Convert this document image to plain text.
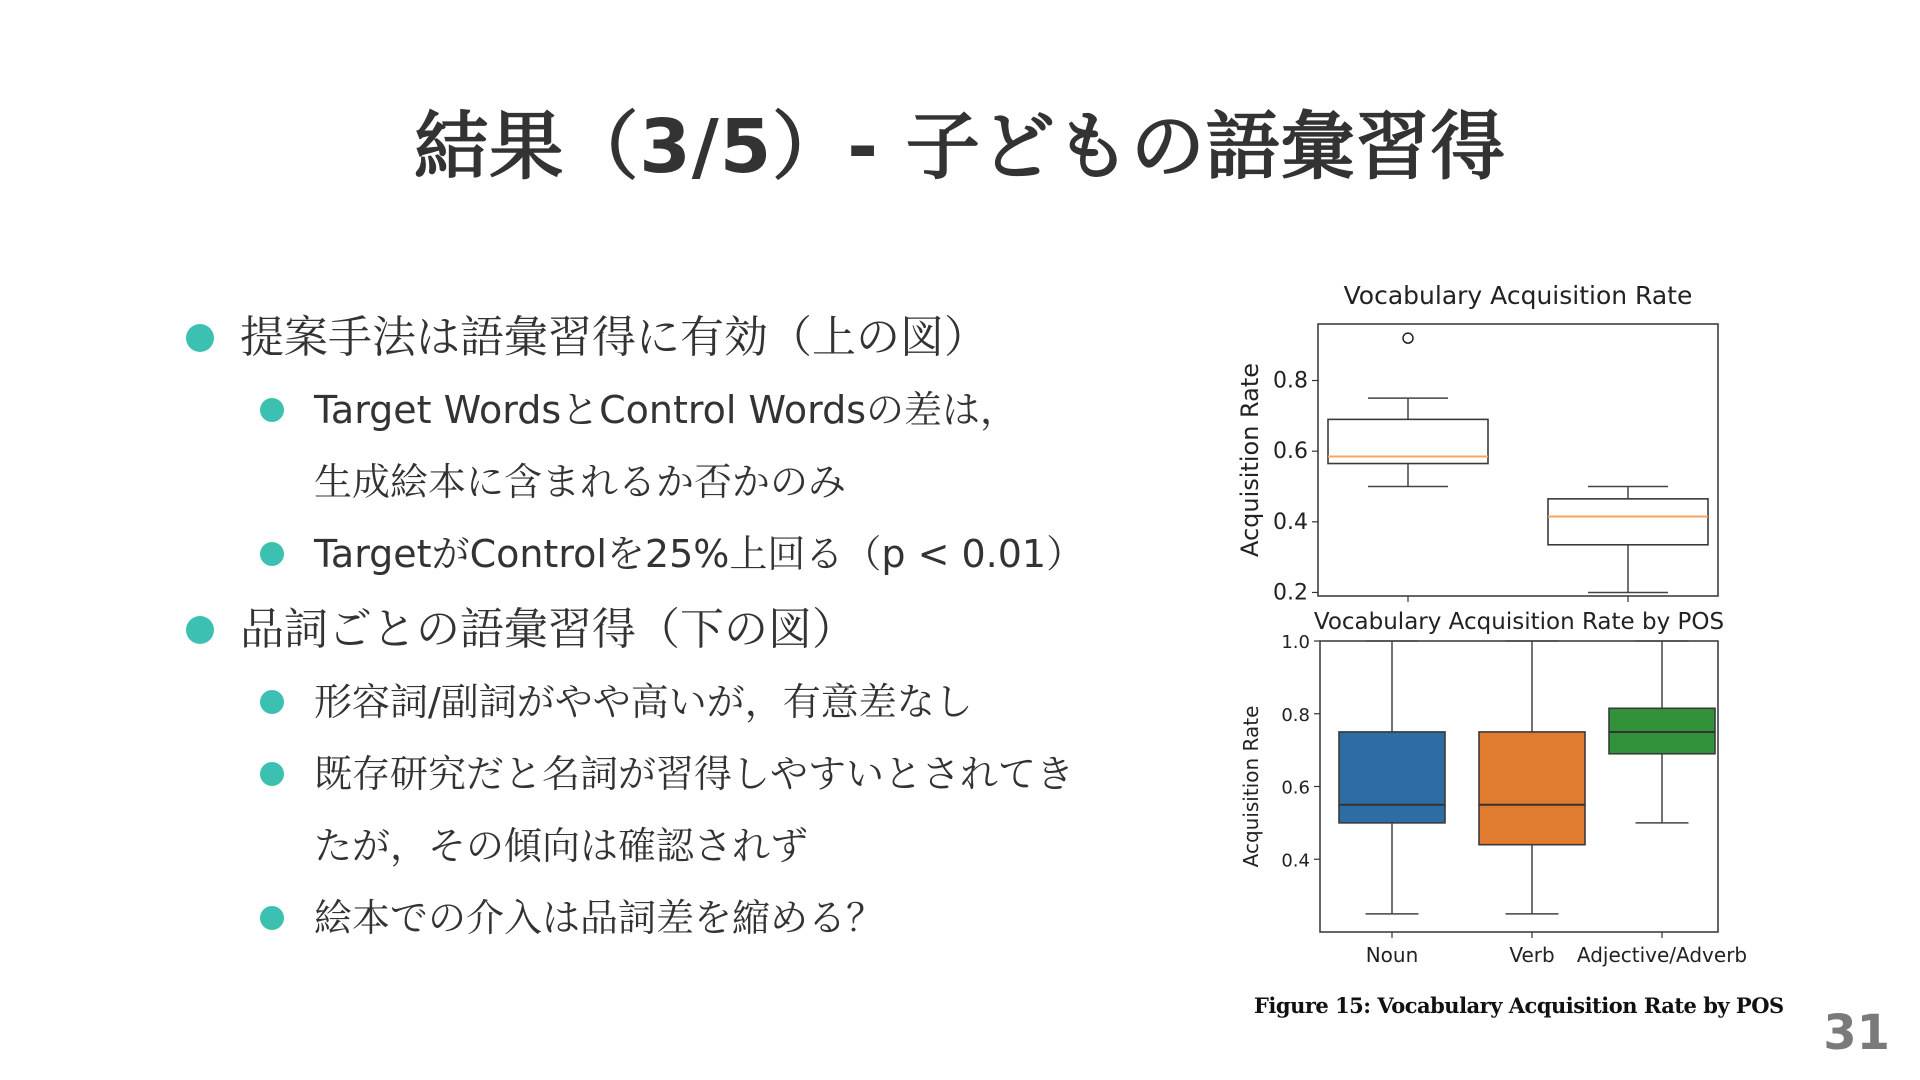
結果（3/5）- 子どもの語彙習得
提案手法は語彙習得に有効（上の図）
Target WordsとControl Wordsの差は，
生成絵本に含まれるか否かのみ
TargetがControlを25%上回る（p < 0.01）
品詞ごとの語彙習得（下の図）
形容詞/副詞がやや高いが，有意差なし
既存研究だと名詞が習得しやすいとされてき
たが，その傾向は確認されず
絵本での介入は品詞差を縮める？
Vocabulary Acquisition Rate
0.2
0.4
0.6
0.8
Acquisition Rate
Vocabulary Acquisition Rate by POS
0.4
0.6
0.8
1.0
Acquisition Rate
Noun	Verb Adjective/Adverb
Figure 15: Vocabulary Acquisition Rate by POS 31
